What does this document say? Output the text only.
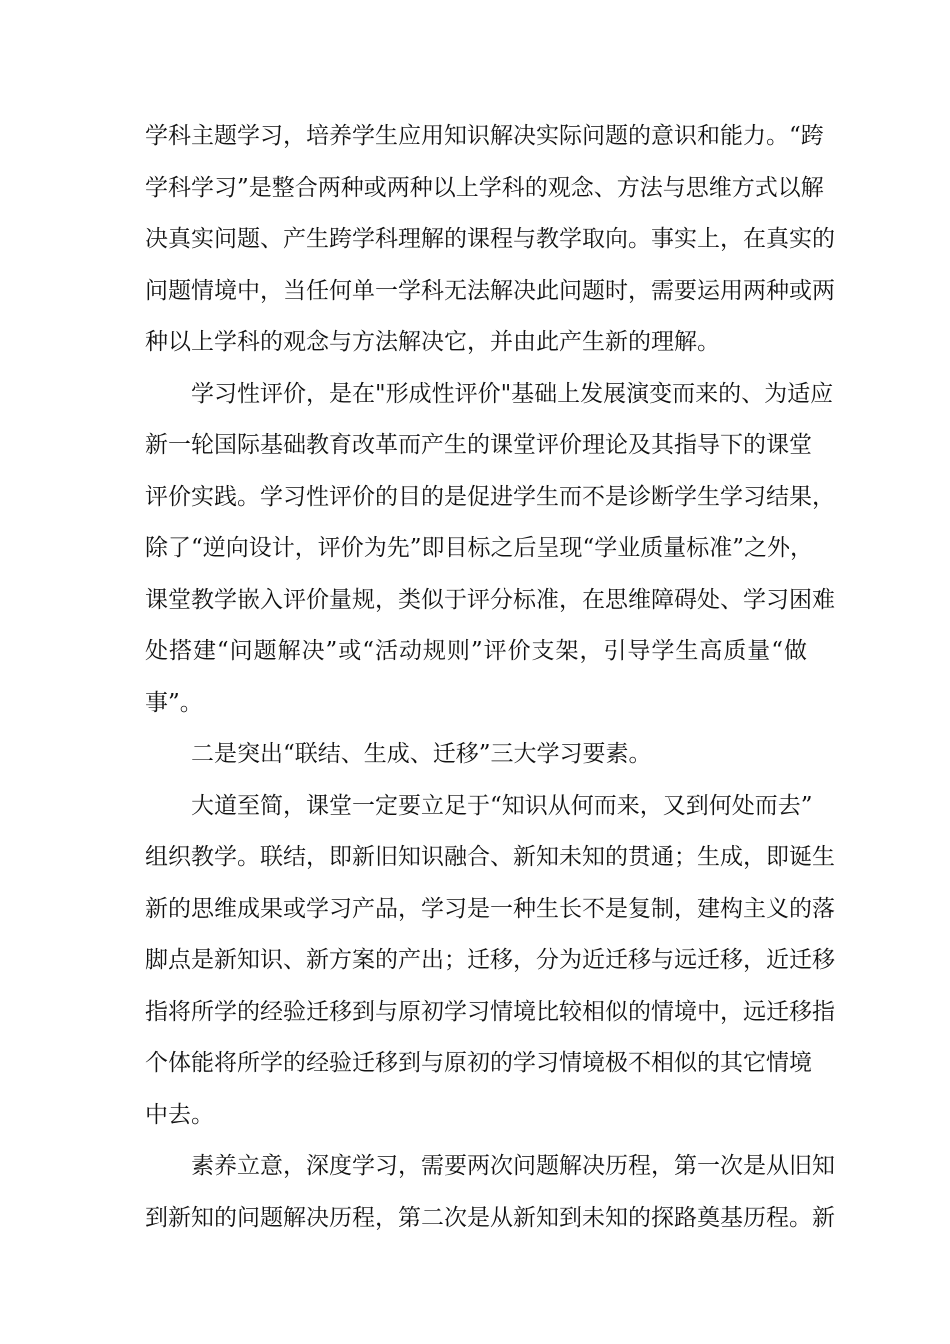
学科主题学习，培养学生应用知识解决实际问题的意识和能力。“跨
学科学习”是整合两种或两种以上学科的观念、方法与思维方式以解
决真实问题、产生跨学科理解的课程与教学取向。事实上，在真实的
问题情境中，当任何单一学科无法解决此问题时，需要运用两种或两
种以上学科的观念与方法解决它，并由此产生新的理解。
学习性评价，是在"形成性评价"基础上发展演变而来的、为适应
新一轮国际基础教育改革而产生的课堂评价理论及其指导下的课堂
评价实践。学习性评价的目的是促进学生而不是诊断学生学习结果，
除了“逆向设计，评价为先”即目标之后呈现“学业质量标准”之外，
课堂教学嵌入评价量规，类似于评分标准，在思维障碍处、学习困难
处搭建“问题解决”或“活动规则”评价支架，引导学生高质量“做
事”。
二是突出“联结、生成、迁移”三大学习要素。
大道至简，课堂一定要立足于“知识从何而来，又到何处而去”
组织教学。联结，即新旧知识融合、新知未知的贯通；生成，即诞生
新的思维成果或学习产品，学习是一种生长不是复制，建构主义的落
脚点是新知识、新方案的产出；迁移，分为近迁移与远迁移，近迁移
指将所学的经验迁移到与原初学习情境比较相似的情境中，远迁移指
个体能将所学的经验迁移到与原初的学习情境极不相似的其它情境
中去。
素养立意，深度学习，需要两次问题解决历程，第一次是从旧知
到新知的问题解决历程，第二次是从新知到未知的探路奠基历程。新
